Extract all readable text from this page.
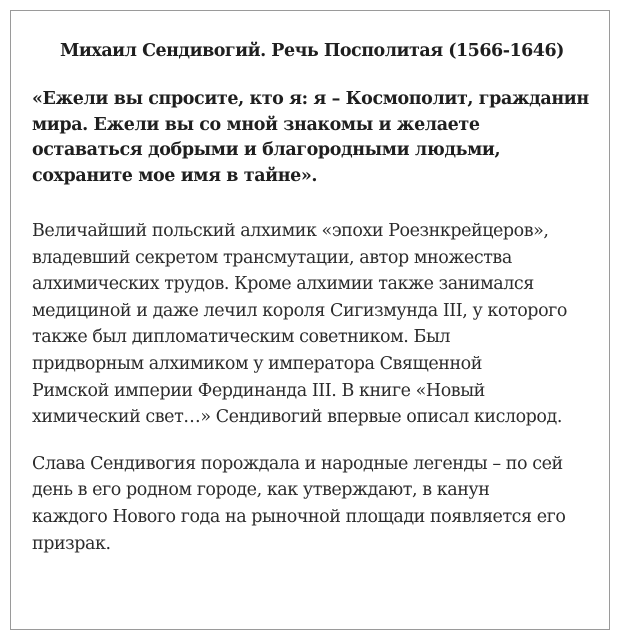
Михаил Сендивогий. Речь Посполитая (1566-1646)

«Ежели вы спросите, кто я: я – Космополит, гражданин
мира. Ежели вы со мной знакомы и желаете
оставаться добрыми и благородными людьми,
сохраните мое имя в тайне».

Величайший польский алхимик «эпохи Роезнкрейцеров»,
владевший секретом трансмутации, автор множества
алхимических трудов. Кроме алхимии также занимался
медициной и даже лечил короля Сигизмунда III, у которого
также был дипломатическим советником. Был
придворным алхимиком у императора Священной
Римской империи Фердинанда III. В книге «Новый
химический свет…» Сендивогий впервые описал кислород.

Слава Сендивогия порождала и народные легенды – по сей
день в его родном городе, как утверждают, в канун
каждого Нового года на рыночной площади появляется его
призрак.
